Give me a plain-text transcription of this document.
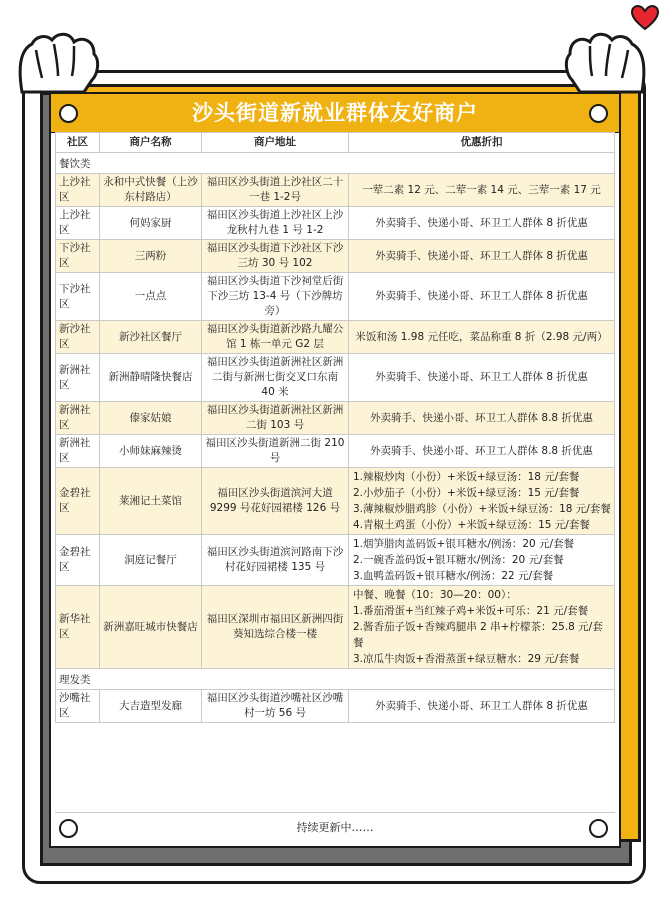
沙头街道新就业群体友好商户
社区	商户名称	商户地址	优惠折扣
餐饮类			
上沙社区	永和中式快餐（上沙东村路店）	福田区沙头街道上沙社区二十一巷 1-2号	一荤二素 12 元、二荤一素 14 元、三荤一素 17 元

上沙社区	何妈家厨	福田区沙头街道上沙社区上沙龙秋村九巷 1 号 1-2	外卖骑手、快递小哥、环卫工人群体 8 折优惠

下沙社区	三两粉	福田区沙头街道下沙社区下沙三坊 30 号 102	外卖骑手、快递小哥、环卫工人群体 8 折优惠

下沙社区	一点点	福田区沙头街道下沙祠堂后街下沙三坊 13-4 号（下沙牌坊旁）	外卖骑手、快递小哥、环卫工人群体 8 折优惠

新沙社区	新沙社区餐厅	福田区沙头街道新沙路九耀公馆 1 栋一单元 G2 层	米饭和汤 1.98 元任吃，菜品称重 8 折（2.98 元/两）

新洲社区	新洲静晴隆快餐店	福田区沙头街道新洲社区新洲二街与新洲七街交叉口东南 40 米	外卖骑手、快递小哥、环卫工人群体 8 折优惠

新洲社区	傣家姑娘	福田区沙头街道新洲社区新洲二街 103 号	外卖骑手、快递小哥、环卫工人群体 8.8 折优惠

新洲社区	小师妹麻辣烫	福田区沙头街道新洲二街 210 号	外卖骑手、快递小哥、环卫工人群体 8.8 折优惠

金碧社区	莱湘记土菜馆	福田区沙头街道滨河大道 9299 号花好园裙楼 126 号	1.辣椒炒肉（小份）+米饭+绿豆汤：18 元/套餐
2.小炒茄子（小份）+米饭+绿豆汤：15 元/套餐
3.薄辣椒炒腊鸡胗（小份）+米饭+绿豆汤：18 元/套餐
4.青椒土鸡蛋（小份）+米饭+绿豆汤：15 元/套餐

金碧社区	洞庭记餐厅	福田区沙头街道滨河路南下沙村花好园裙楼 135 号	1.烟笋腊肉盖码饭+银耳糖水/例汤：20 元/套餐
2.一碗香盖码饭+银耳糖水/例汤：20 元/套餐
3.血鸭盖码饭+银耳糖水/例汤：22 元/套餐

新华社区	新洲嘉旺城市快餐店	福田区深圳市福田区新洲四街葵知选综合楼一楼	中餐、晚餐（10：30—20：00）：
1.番茄滑蛋+当红辣子鸡+米饭+可乐：21 元/套餐
2.酱香茄子饭+香辣鸡腿串 2 串+柠檬茶：25.8 元/套餐
3.凉瓜牛肉饭+香滑蒸蛋+绿豆糖水：29 元/套餐

理发类			
沙嘴社区	大吉造型发廊	福田区沙头街道沙嘴社区沙嘴村一坊 56 号	外卖骑手、快递小哥、环卫工人群体 8 折优惠
持续更新中……
